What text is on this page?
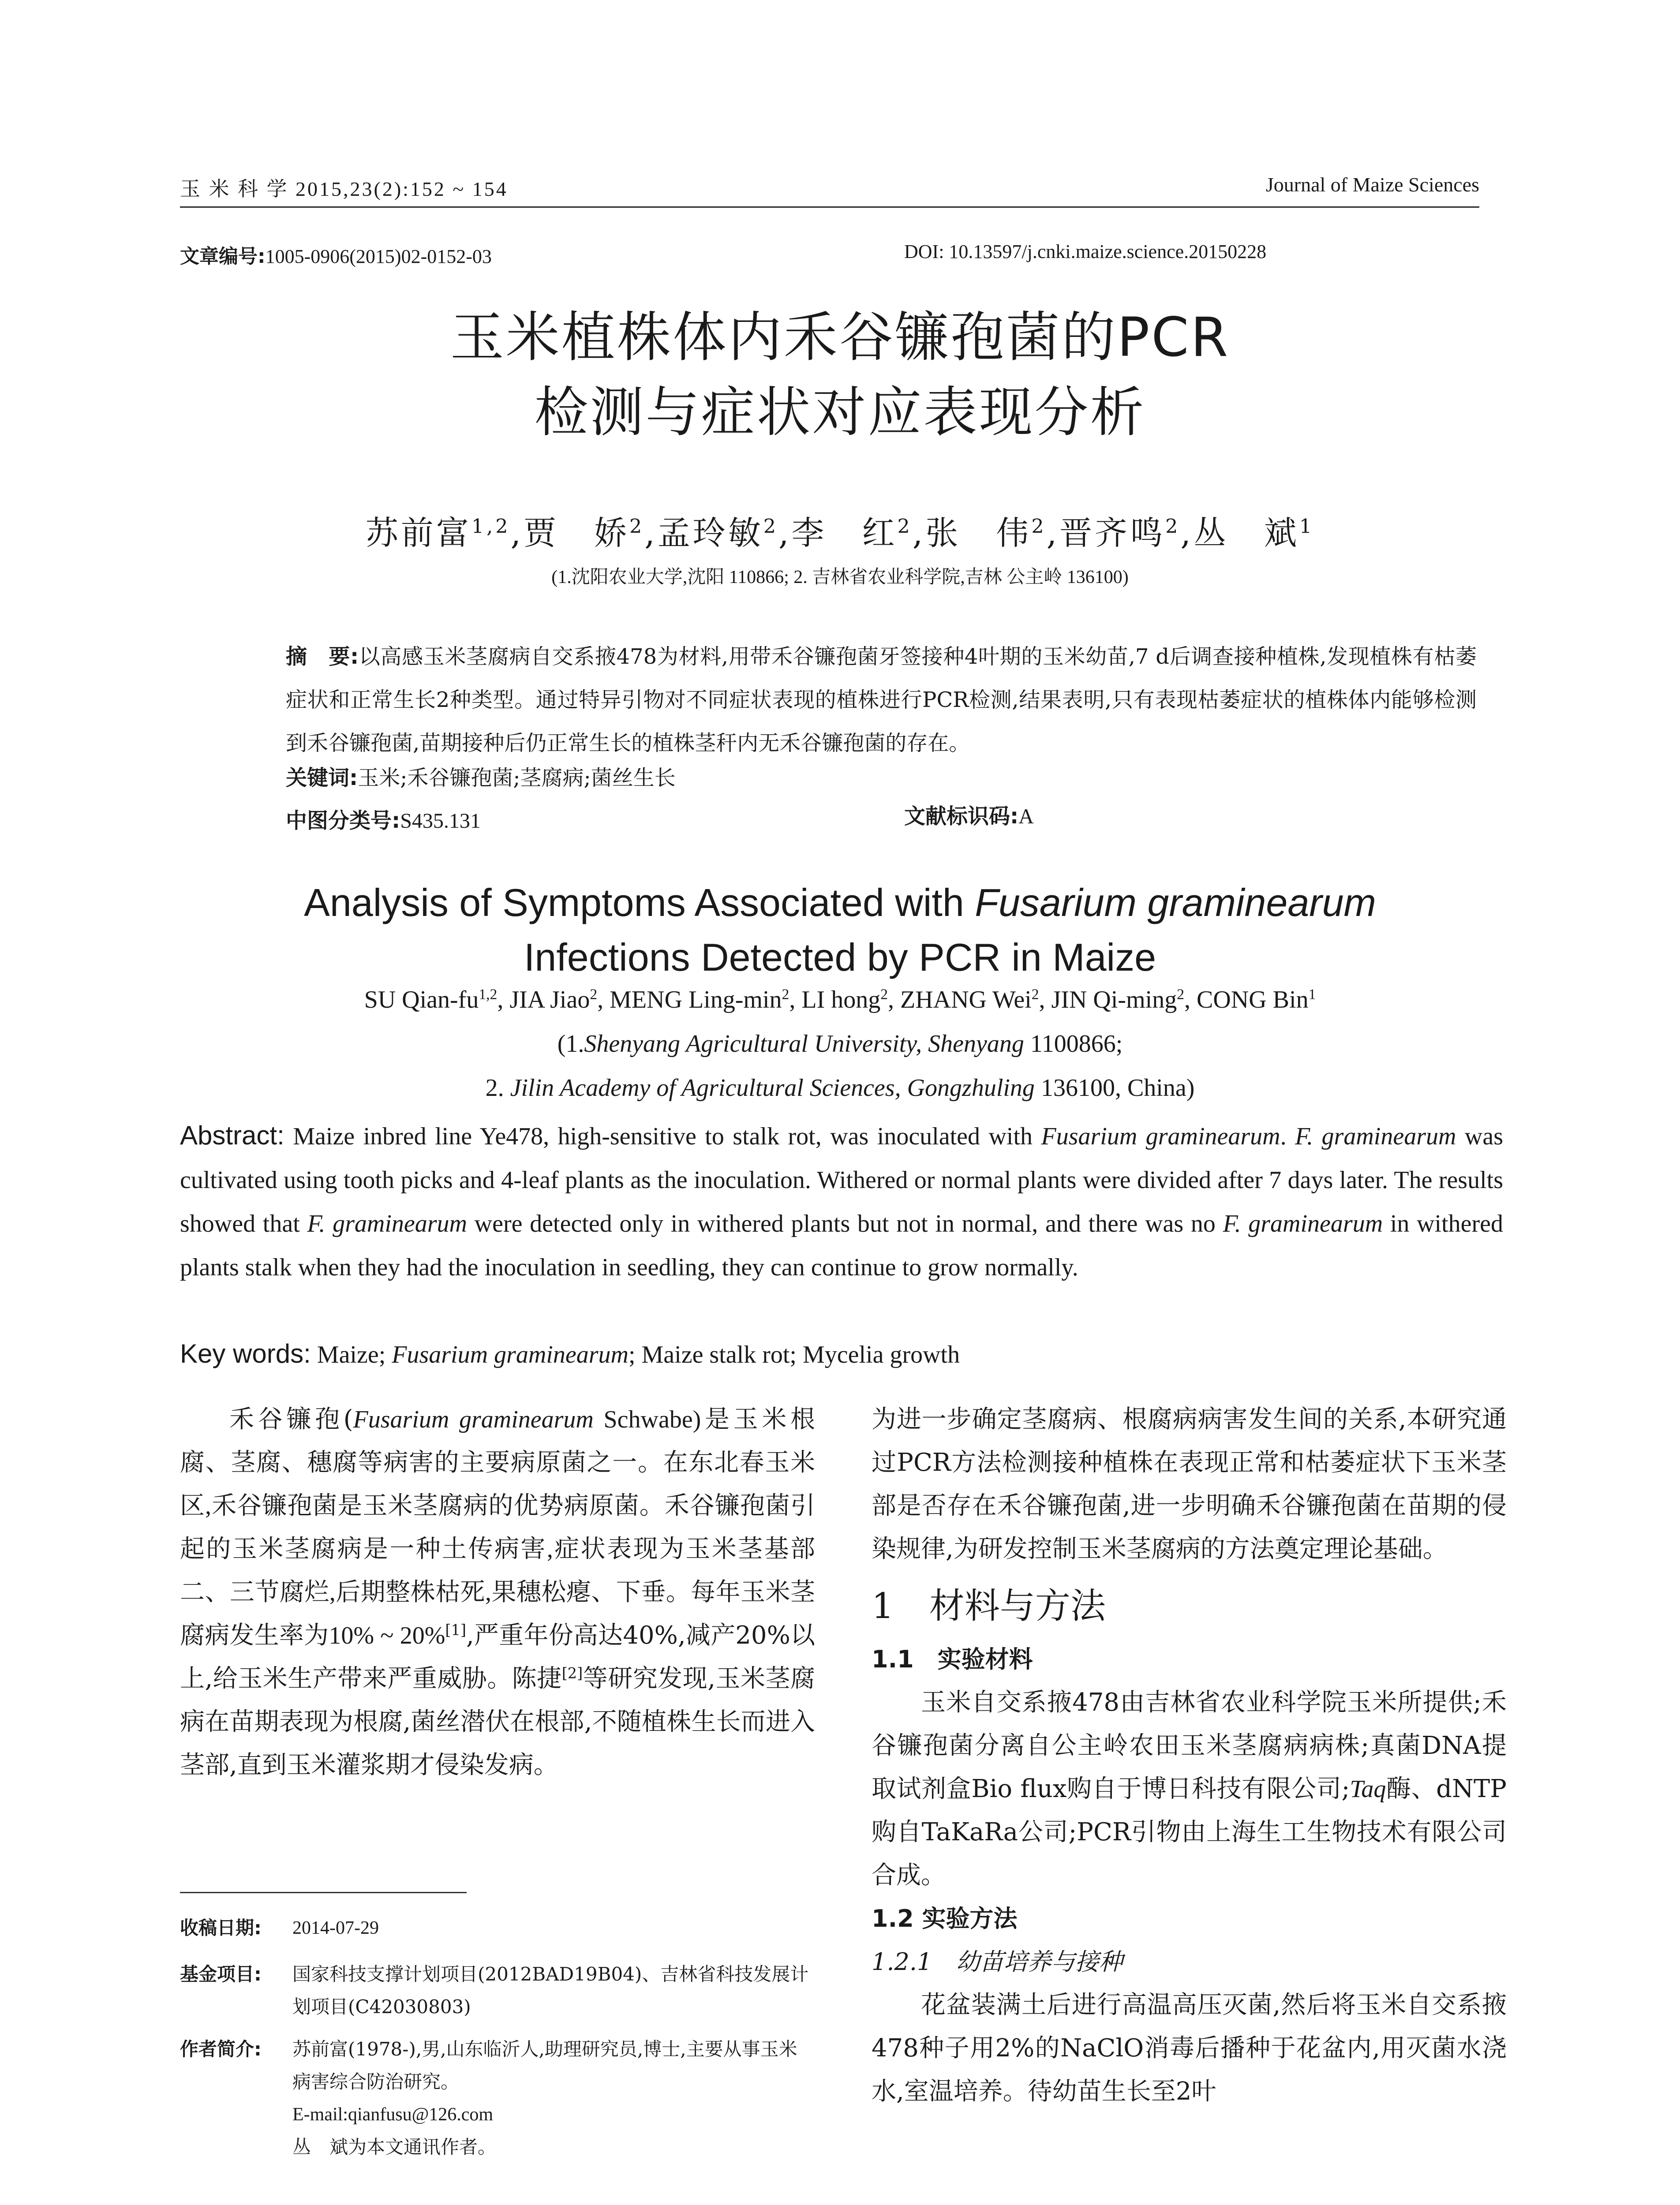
玉 米 科 学 2015,23(2):152 ~ 154	Journal of Maize Sciences
文章编号:1005-0906(2015)02-0152-03	DOI: 10.13597/j.cnki.maize.science.20150228
玉米植株体内禾谷镰孢菌的PCR
检测与症状对应表现分析
苏前富$^{1,2}$,贾　娇$^2$,孟玲敏$^2$,李　红$^2$,张　伟$^2$,晋齐鸣$^2$,丛　斌$^1$
(1.沈阳农业大学,沈阳 110866; 2. 吉林省农业科学院,吉林 公主岭 136100)
摘　要:以高感玉米茎腐病自交系掖478为材料,用带禾谷镰孢菌牙签接种4叶期的玉米幼苗,7 d后调查接种植株,发现植株有枯萎症状和正常生长2种类型。通过特异引物对不同症状表现的植株进行PCR检测,结果表明,只有表现枯萎症状的植株体内能够检测到禾谷镰孢菌,苗期接种后仍正常生长的植株茎秆内无禾谷镰孢菌的存在。
关键词:玉米;禾谷镰孢菌;茎腐病;菌丝生长
中图分类号:S435.131	文献标识码:A
Analysis of Symptoms Associated with Fusarium graminearum
Infections Detected by PCR in Maize
SU Qian-fu$^{1,2}$, JIA Jiao$^2$, MENG Ling-$\min^2$, LI hong$^2$, ZHANG Wei$^2$, JIN Qi-ming$^2$, CONG Bin$^1$
(1.Shenyang Agricultural University, Shenyang 1100866;
2. Jilin Academy of Agricultural Sciences, Gongzhuling 136100, China)
Abstract: Maize inbred line Ye478, high-sensitive to stalk rot, was inoculated with Fusarium graminearum. F. graminearum was cultivated using tooth picks and 4-leaf plants as the inoculation. Withered or normal plants were divided after 7 days later. The results showed that F. graminearum were detected only in withered plants but not in normal, and there was no F. graminearum in withered plants stalk when they had the inoculation in seedling, they can continue to grow normally.
Key words: Maize; Fusarium graminearum; Maize stalk rot; Mycelia growth

禾谷镰孢(Fusarium graminearum Schwabe)是玉米根腐、茎腐、穗腐等病害的主要病原菌之一。在东北春玉米区,禾谷镰孢菌是玉米茎腐病的优势病原菌。禾谷镰孢菌引起的玉米茎腐病是一种土传病害,症状表现为玉米茎基部二、三节腐烂,后期整株枯死,果穗松瘪、下垂。每年玉米茎腐病发生率为10% ~ 20%[1],严重年份高达40%,减产20%以上,给玉米生产带来严重威胁。陈捷[2]等研究发现,玉米茎腐病在苗期表现为根腐,菌丝潜伏在根部,不随植株生长而进入茎部,直到玉米灌浆期才侵染发病。

收稿日期: 2014-07-29
基金项目: 国家科技支撑计划项目(2012BAD19B04)、吉林省科技发展计划项目(C42030803)
作者简介: 苏前富(1978-),男,山东临沂人,助理研究员,博士,主要从事玉米病害综合防治研究。
E-mail:qianfusu@126.com
丛　斌为本文通讯作者。

为进一步确定茎腐病、根腐病病害发生间的关系,本研究通过PCR方法检测接种植株在表现正常和枯萎症状下玉米茎部是否存在禾谷镰孢菌,进一步明确禾谷镰孢菌在苗期的侵染规律,为研发控制玉米茎腐病的方法奠定理论基础。

1　材料与方法
1.1　实验材料

玉米自交系掖478由吉林省农业科学院玉米所提供;禾谷镰孢菌分离自公主岭农田玉米茎腐病病株;真菌DNA提取试剂盒Bio flux购自于博日科技有限公司;Taq酶、dNTP购自TaKaRa公司;PCR引物由上海生工生物技术有限公司合成。

1.2 实验方法
1.2.1　幼苗培养与接种

花盆装满土后进行高温高压灭菌,然后将玉米自交系掖478种子用2%的NaClO消毒后播种于花盆内,用灭菌水浇水,室温培养。待幼苗生长至2叶
